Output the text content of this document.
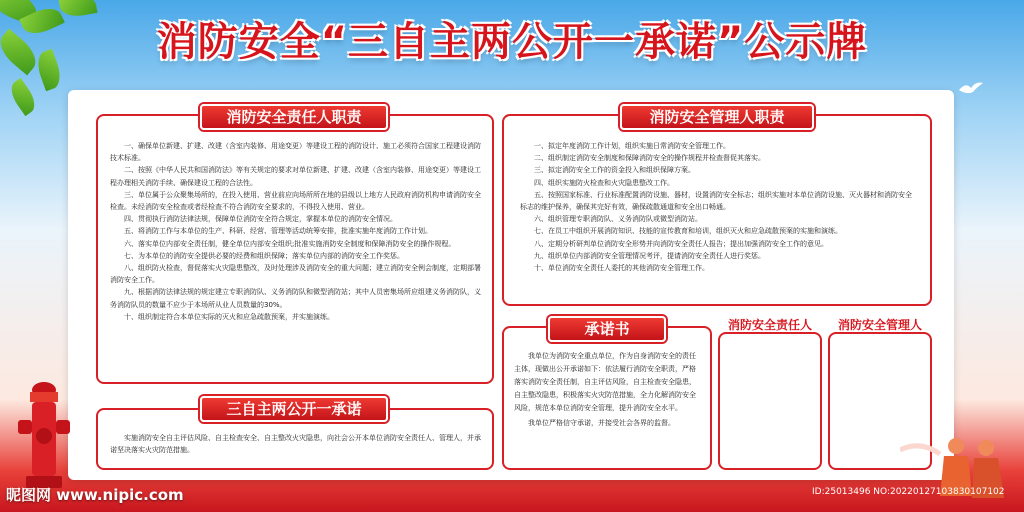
消防安全“三自主两公开一承诺”公示牌
消防安全责任人职责

一、确保单位新建、扩建、改建（含室内装修、用途变更）等建设工程的消防设计、施工必须符合国家工程建设消防技术标准。

二、按照《中华人民共和国消防法》等有关规定的要求对单位新建、扩建、改建（含室内装修、用途变更）等建设工程办理相关消防手续、确保建设工程的合法性。

三、单位属于公众聚集场所的，在投入使用、营业前应向场所所在地的县级以上地方人民政府消防机构申请消防安全检查。未经消防安全检查或者经检查不符合消防安全要求的，不得投入使用、营业。

四、贯彻执行消防法律法规，保障单位消防安全符合规定，掌握本单位的消防安全情况。

五、将消防工作与本单位的生产、科研、经营、管理等活动统筹安排，批准实施年度消防工作计划。

六、落实单位内部安全责任制，健全单位内部安全组织;批准实施消防安全制度和保障消防安全的操作规程。

七、为本单位的消防安全提供必要的经费和组织保障；落实单位内部的消防安全工作奖惩。

八、组织防火检查，督促落实火灾隐患整改，及时处理涉及消防安全的重大问题；建立消防安全例会制度，定期部署消防安全工作。

九、根据消防法律法规的规定建立专职消防队、义务消防队和微型消防站；其中人员密集场所应组建义务消防队，义务消防队员的数量不应少于本场所从业人员数量的30%。

十、组织制定符合本单位实际的灭火和应急疏散预案，并实施演练。

三自主两公开一承诺
实施消防安全自主评估风险、自主检查安全、自主整改火灾隐患，向社会公开本单位消防安全责任人、管理人，并承诺坚决落实火灾防范措施。
消防安全管理人职责

一、拟定年度消防工作计划，组织实施日常消防安全管理工作。

二、组织制定消防安全制度和保障消防安全的操作规程并检查督促其落实。

三、拟定消防安全工作的资金投入和组织保障方案。

四、组织实施防火检查和火灾隐患整改工作。

五、按照国家标准、行业标准配置消防设施、器材，设置消防安全标志；组织实施对本单位消防设施、灭火器材和消防安全标志的维护保养，确保其完好有效，确保疏散通道和安全出口畅通。

六、组织管理专职消防队、义务消防队或微型消防站。

七、在员工中组织开展消防知识、技能的宣传教育和培训，组织灭火和应急疏散预案的实施和演练。

八、定期分析研判单位消防安全形势并向消防安全责任人报告；提出加强消防安全工作的意见。

九、组织单位内部消防安全管理情况考评，提请消防安全责任人进行奖惩。

十、单位消防安全责任人委托的其他消防安全管理工作。

承诺书

我单位为消防安全重点单位，作为自身消防安全的责任主体，现做出公开承诺如下：依法履行消防安全职责，严格落实消防安全责任制，自主评估风险，自主检查安全隐患，自主整改隐患，积极落实火灾防范措施，全力化解消防安全风险，规范本单位消防安全管理，提升消防安全水平。

我单位严格信守承诺，并接受社会各界的监督。

消防安全责任人 消防安全管理人
昵图网 www.nipic.com	ID:25013496 NO:20220127103830107102
